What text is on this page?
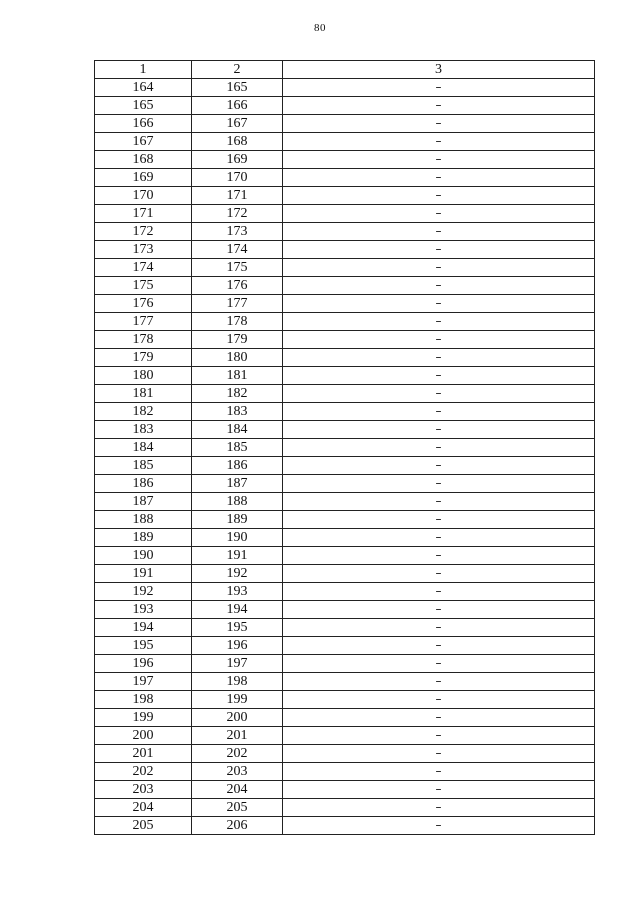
80
1	2	3
164	165	–
165	166	–
166	167	–
167	168	–
168	169	–
169	170	–
170	171	–
171	172	–
172	173	–
173	174	–
174	175	–
175	176	–
176	177	–
177	178	–
178	179	–
179	180	–
180	181	–
181	182	–
182	183	–
183	184	–
184	185	–
185	186	–
186	187	–
187	188	–
188	189	–
189	190	–
190	191	–
191	192	–
192	193	–
193	194	–
194	195	–
195	196	–
196	197	–
197	198	–
198	199	–
199	200	–
200	201	–
201	202	–
202	203	–
203	204	–
204	205	–
205	206	–
